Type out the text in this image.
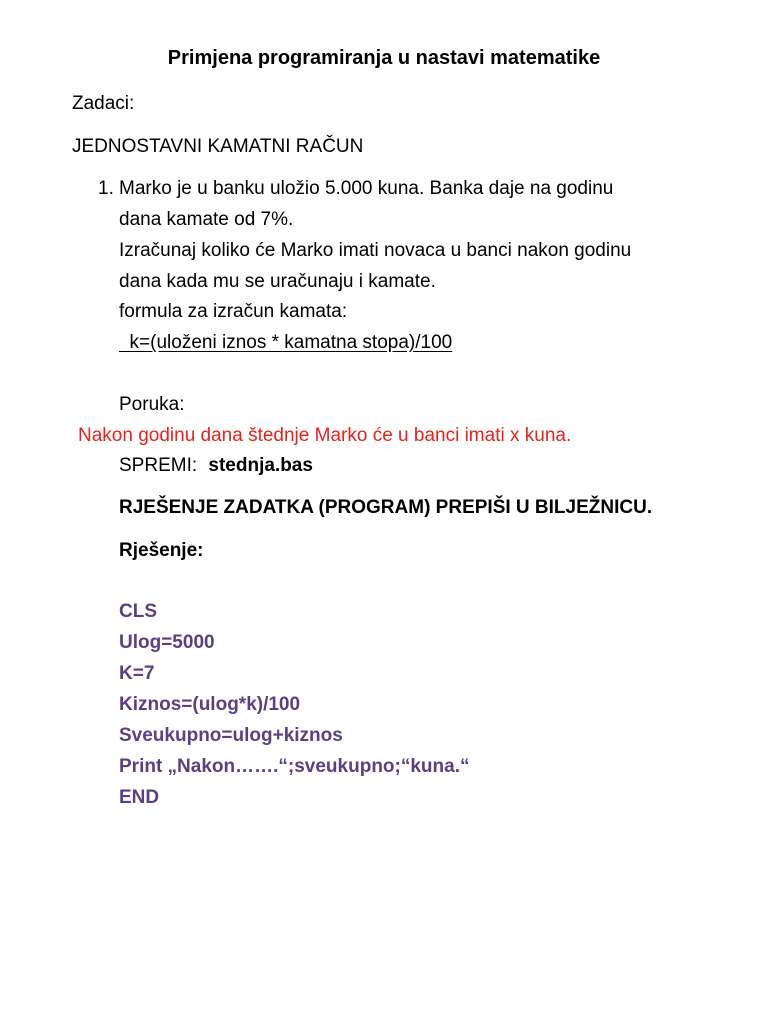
Primjena programiranja u nastavi matematike
Zadaci:
JEDNOSTAVNI KAMATNI RAČUN
1. Marko je u banku uložio 5.000 kuna. Banka daje na godinu
dana kamate od 7%.
Izračunaj koliko će Marko imati novaca u banci nakon godinu
dana kada mu se uračunaju i kamate.
formula za izračun kamata:
k=(uloženi iznos * kamatna stopa)/100
Poruka:
Nakon godinu dana štednje Marko će u banci imati x kuna.
SPREMI: stednja.bas
RJEŠENJE ZADATKA (PROGRAM) PREPIŠI U BILJEŽNICU.
Rješenje:
CLS
Ulog=5000
K=7
Kiznos=(ulog*k)/100
Sveukupno=ulog+kiznos
Print „Nakon…….“;sveukupno;“kuna.“
END
